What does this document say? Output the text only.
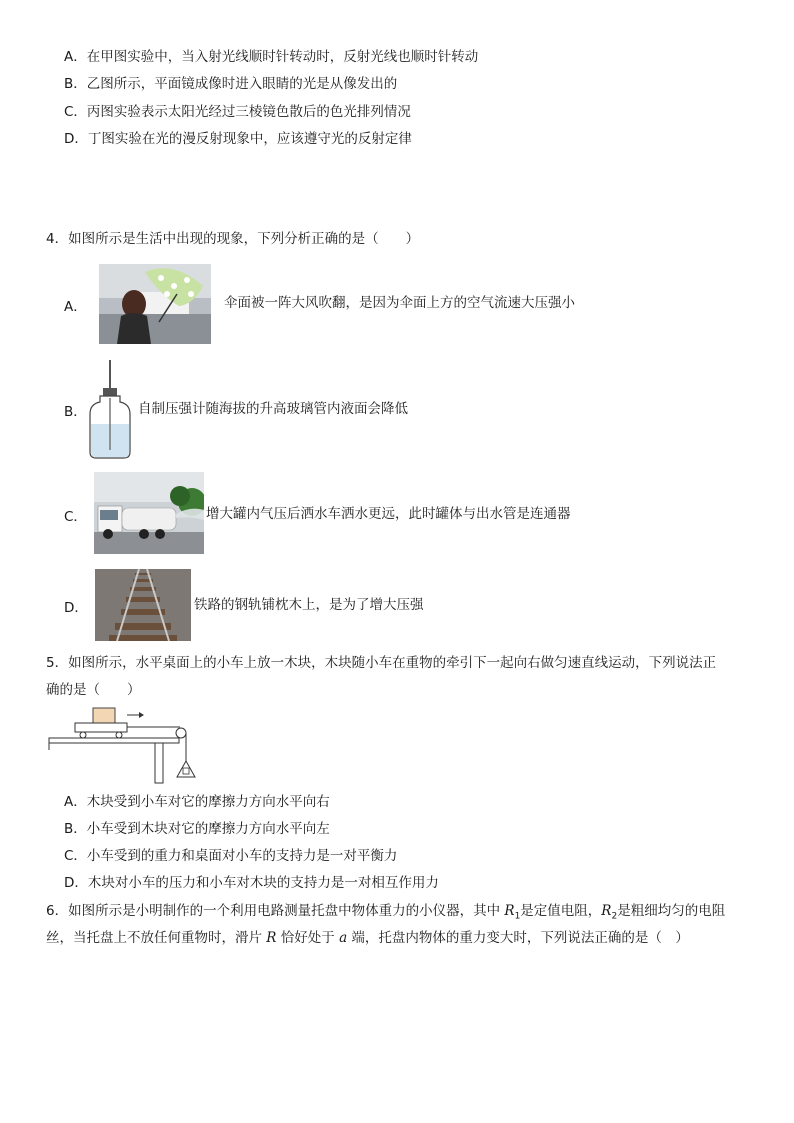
A．在甲图实验中，当入射光线顺时针转动时，反射光线也顺时针转动
B．乙图所示，平面镜成像时进入眼睛的光是从像发出的
C．丙图实验表示太阳光经过三棱镜色散后的色光排列情况
D．丁图实验在光的漫反射现象中，应该遵守光的反射定律
4．如图所示是生活中出现的现象，下列分析正确的是（　　）
A．	伞面被一阵大风吹翻，是因为伞面上方的空气流速大压强小
B．	自制压强计随海拔的升高玻璃管内液面会降低
C．	增大罐内气压后洒水车洒水更远，此时罐体与出水管是连通器
D．	铁路的钢轨铺枕木上，是为了增大压强
5．如图所示，水平桌面上的小车上放一木块，木块随小车在重物的牵引下一起向右做匀速直线运动，下列说法正
确的是（　　）
A．木块受到小车对它的摩擦力方向水平向右
B．小车受到木块对它的摩擦力方向水平向左
C．小车受到的重力和桌面对小车的支持力是一对平衡力
D．木块对小车的压力和小车对木块的支持力是一对相互作用力
6．如图所示是小明制作的一个利用电路测量托盘中物体重力的小仪器，其中 $R_1$是定值电阻，$R_2$是粗细均匀的电阻
丝，当托盘上不放任何重物时，滑片 R 恰好处于 a 端，托盘内物体的重力变大时，下列说法正确的是（　）
